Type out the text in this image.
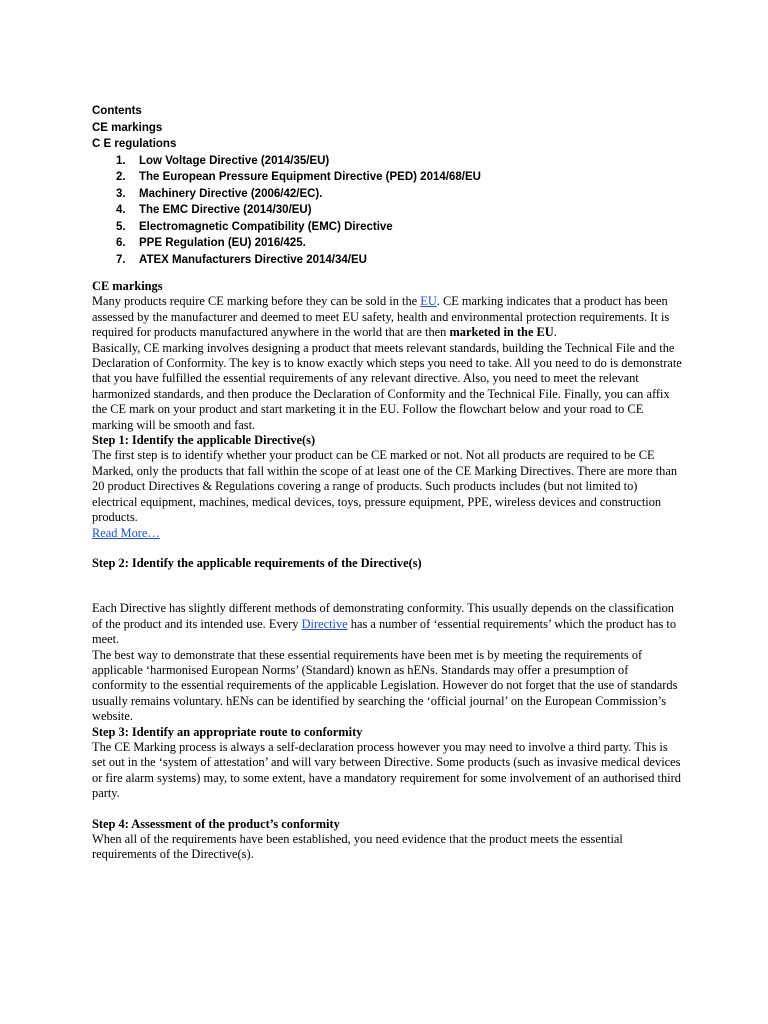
Contents
CE markings
C E regulations
1. Low Voltage Directive (2014/35/EU)
2. The European Pressure Equipment Directive (PED) 2014/68/EU
3. Machinery Directive (2006/42/EC).
4. The EMC Directive (2014/30/EU)
5. Electromagnetic Compatibility (EMC) Directive
6. PPE Regulation (EU) 2016/425.
7. ATEX Manufacturers Directive 2014/34/EU
CE markings

Many products require CE marking before they can be sold in the EU. CE marking indicates that a product has been assessed by the manufacturer and deemed to meet EU safety, health and environmental protection requirements. It is required for products manufactured anywhere in the world that are then marketed in the EU.

Basically, CE marking involves designing a product that meets relevant standards, building the Technical File and the Declaration of Conformity. The key is to know exactly which steps you need to take. All you need to do is demonstrate that you have fulfilled the essential requirements of any relevant directive. Also, you need to meet the relevant harmonized standards, and then produce the Declaration of Conformity and the Technical File. Finally, you can affix the CE mark on your product and start marketing it in the EU. Follow the flowchart below and your road to CE marking will be smooth and fast.

Step 1: Identify the applicable Directive(s)

The first step is to identify whether your product can be CE marked or not. Not all products are required to be CE Marked, only the products that fall within the scope of at least one of the CE Marking Directives. There are more than 20 product Directives & Regulations covering a range of products. Such products includes (but not limited to) electrical equipment, machines, medical devices, toys, pressure equipment, PPE, wireless devices and construction products.

Read More…
Step 2: Identify the applicable requirements of the Directive(s)

Each Directive has slightly different methods of demonstrating conformity. This usually depends on the classification of the product and its intended use. Every Directive has a number of ‘essential requirements’ which the product has to meet.

The best way to demonstrate that these essential requirements have been met is by meeting the requirements of applicable ‘harmonised European Norms’ (Standard) known as hENs. Standards may offer a presumption of conformity to the essential requirements of the applicable Legislation. However do not forget that the use of standards usually remains voluntary. hENs can be identified by searching the ‘official journal’ on the European Commission’s website.

Step 3: Identify an appropriate route to conformity

The CE Marking process is always a self-declaration process however you may need to involve a third party. This is set out in the ‘system of attestation’ and will vary between Directive. Some products (such as invasive medical devices or fire alarm systems) may, to some extent, have a mandatory requirement for some involvement of an authorised third party.

Step 4: Assessment of the product’s conformity

When all of the requirements have been established, you need evidence that the product meets the essential requirements of the Directive(s).
